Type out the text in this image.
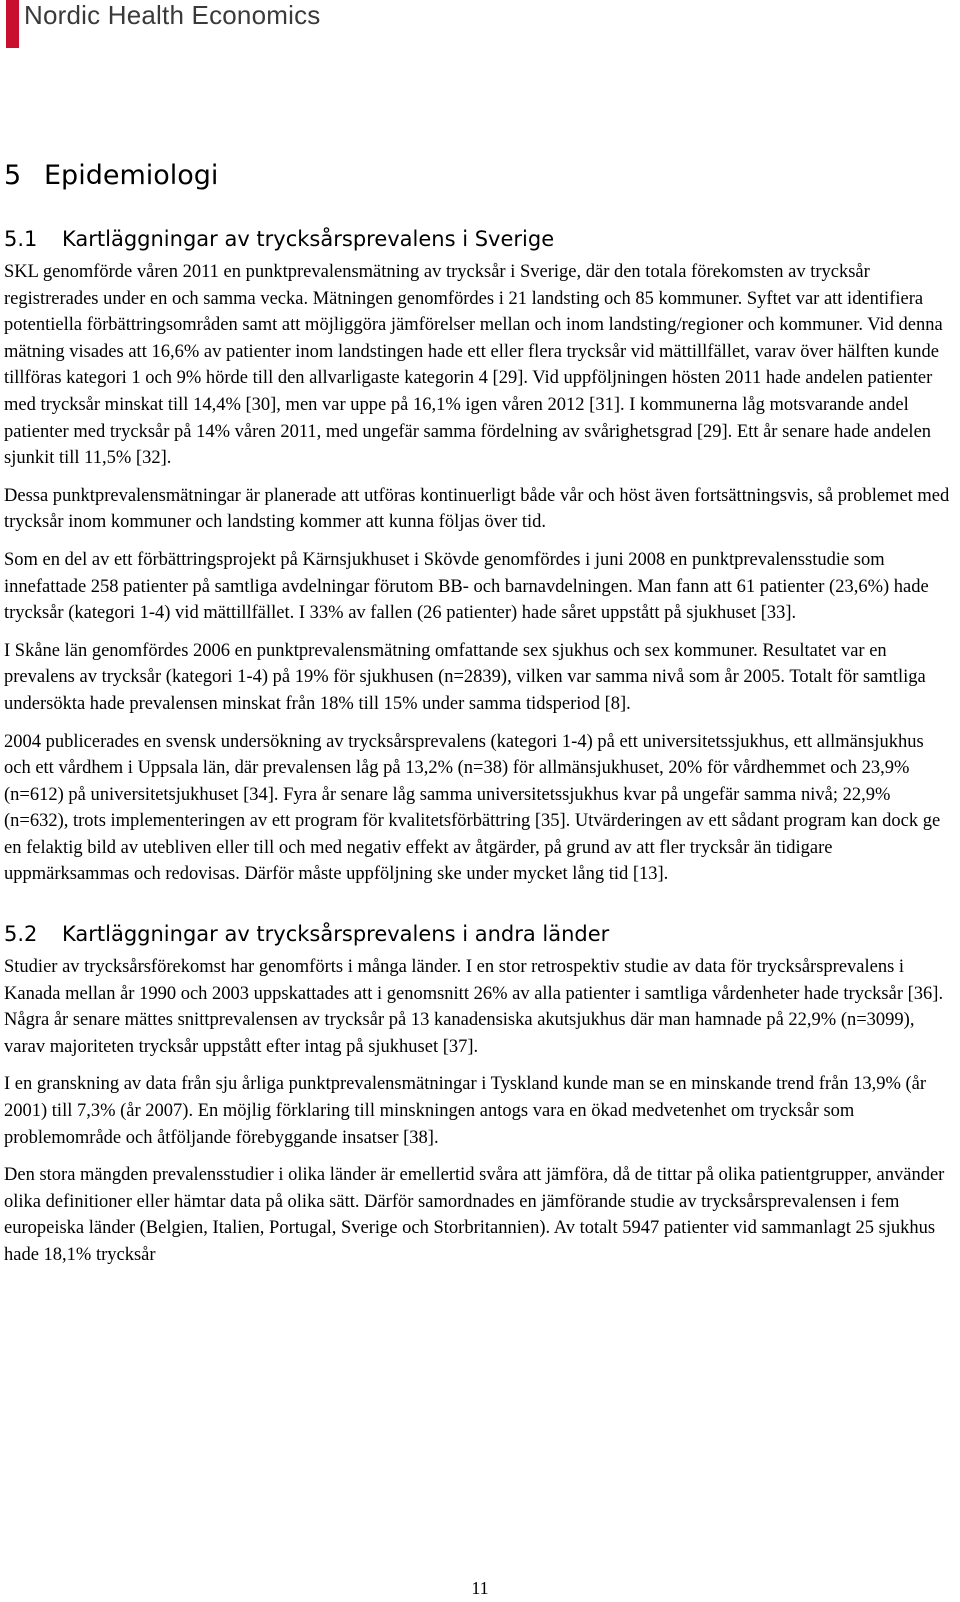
Nordic Health Economics
5 Epidemiologi
5.1 Kartläggningar av trycksårsprevalens i Sverige

SKL genomförde våren 2011 en punktprevalensmätning av trycksår i Sverige, där den totala förekomsten av trycksår registrerades under en och samma vecka. Mätningen genomfördes i 21 landsting och 85 kommuner. Syftet var att identifiera potentiella förbättringsområden samt att möjliggöra jämförelser mellan och inom landsting/regioner och kommuner. Vid denna mätning visades att 16,6% av patienter inom landstingen hade ett eller flera trycksår vid mättillfället, varav över hälften kunde tillföras kategori 1 och 9% hörde till den allvarligaste kategorin 4 [29]. Vid uppföljningen hösten 2011 hade andelen patienter med trycksår minskat till 14,4% [30], men var uppe på 16,1% igen våren 2012 [31]. I kommunerna låg motsvarande andel patienter med trycksår på 14% våren 2011, med ungefär samma fördelning av svårighetsgrad [29]. Ett år senare hade andelen sjunkit till 11,5% [32].

Dessa punktprevalensmätningar är planerade att utföras kontinuerligt både vår och höst även fortsättningsvis, så problemet med trycksår inom kommuner och landsting kommer att kunna följas över tid.

Som en del av ett förbättringsprojekt på Kärnsjukhuset i Skövde genomfördes i juni 2008 en punktprevalensstudie som innefattade 258 patienter på samtliga avdelningar förutom BB- och barnavdelningen. Man fann att 61 patienter (23,6%) hade trycksår (kategori 1-4) vid mättillfället. I 33% av fallen (26 patienter) hade såret uppstått på sjukhuset [33].

I Skåne län genomfördes 2006 en punktprevalensmätning omfattande sex sjukhus och sex kommuner. Resultatet var en prevalens av trycksår (kategori 1-4) på 19% för sjukhusen (n=2839), vilken var samma nivå som år 2005. Totalt för samtliga undersökta hade prevalensen minskat från 18% till 15% under samma tidsperiod [8].

2004 publicerades en svensk undersökning av trycksårsprevalens (kategori 1-4) på ett universitetssjukhus, ett allmänsjukhus och ett vårdhem i Uppsala län, där prevalensen låg på 13,2% (n=38) för allmänsjukhuset, 20% för vårdhemmet och 23,9% (n=612) på universitetsjukhuset [34]. Fyra år senare låg samma universitetssjukhus kvar på ungefär samma nivå; 22,9% (n=632), trots implementeringen av ett program för kvalitetsförbättring [35]. Utvärderingen av ett sådant program kan dock ge en felaktig bild av utebliven eller till och med negativ effekt av åtgärder, på grund av att fler trycksår än tidigare uppmärksammas och redovisas. Därför måste uppföljning ske under mycket lång tid [13].

5.2 Kartläggningar av trycksårsprevalens i andra länder

Studier av trycksårsförekomst har genomförts i många länder. I en stor retrospektiv studie av data för trycksårsprevalens i Kanada mellan år 1990 och 2003 uppskattades att i genomsnitt 26% av alla patienter i samtliga vårdenheter hade trycksår [36]. Några år senare mättes snittprevalensen av trycksår på 13 kanadensiska akutsjukhus där man hamnade på 22,9% (n=3099), varav majoriteten trycksår uppstått efter intag på sjukhuset [37].

I en granskning av data från sju årliga punktprevalensmätningar i Tyskland kunde man se en minskande trend från 13,9% (år 2001) till 7,3% (år 2007). En möjlig förklaring till minskningen antogs vara en ökad medvetenhet om trycksår som problemområde och åtföljande förebyggande insatser [38].

Den stora mängden prevalensstudier i olika länder är emellertid svåra att jämföra, då de tittar på olika patientgrupper, använder olika definitioner eller hämtar data på olika sätt. Därför samordnades en jämförande studie av trycksårsprevalensen i fem europeiska länder (Belgien, Italien, Portugal, Sverige och Storbritannien). Av totalt 5947 patienter vid sammanlagt 25 sjukhus hade 18,1% trycksår

11
